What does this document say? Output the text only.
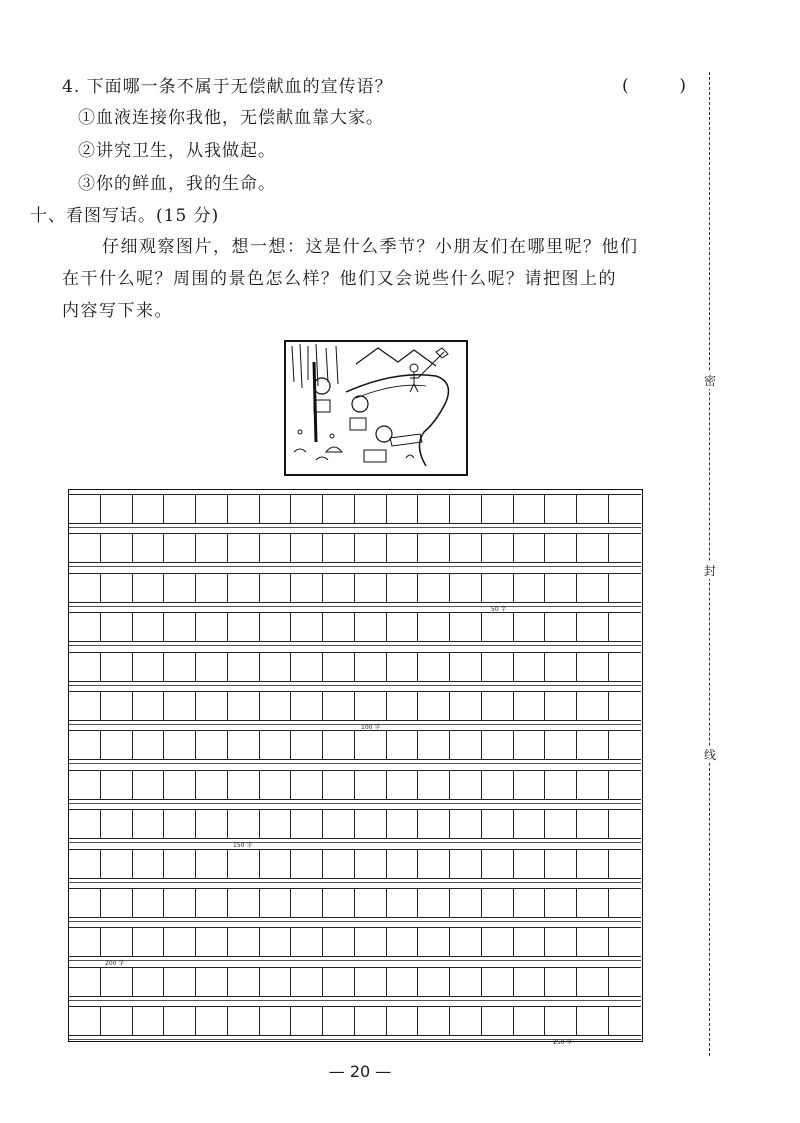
4. 下面哪一条不属于无偿献血的宣传语？	(	)
①血液连接你我他，无偿献血靠大家。
②讲究卫生，从我做起。
③你的鲜血，我的生命。
十、看图写话。(15 分)
仔细观察图片，想一想：这是什么季节？小朋友们在哪里呢？他们
在干什么呢？周围的景色怎么样？他们又会说些什么呢？请把图上的
内容写下来。
50 字
100 字
150 字
200 字
250 字
— 20 —
密
封
线
